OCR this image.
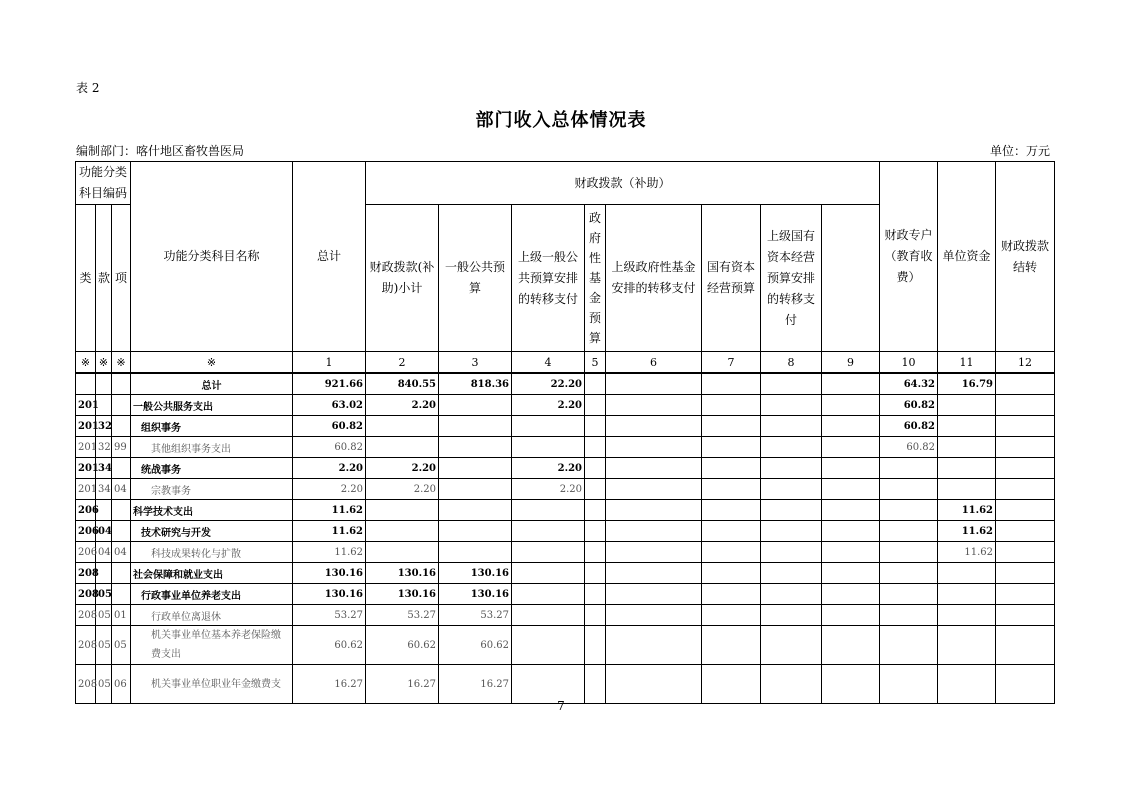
表 2
部门收入总体情况表
编制部门：喀什地区畜牧兽医局	单位：万元
功能分类科目编码			功能分类科目名称	总计	财政拨款（补助）								财政专户（教育收费）	单位资金	财政拨款结转	
类	款	项			财政拨款(补助)小计	一般公共预算	上级一般公共预算安排的转移支付	政府性基金预算	上级政府性基金安排的转移支付	国有资本经营预算	上级国有资本经营预算安排的转移支付					
※	※	※	※	1	2	3	4	5	6	7	8	9	10	11	12	
			总计	921.66	840.55	818.36	22.20						64.32	16.79		
201			一般公共服务支出	63.02	2.20		2.20						60.82			
201	32		组织事务	60.82									60.82			
201	32	99	其他组织事务支出	60.82									60.82			
201	34		统战事务	2.20	2.20		2.20									
201	34	04	宗教事务	2.20	2.20		2.20									
206			科学技术支出	11.62										11.62		
206	04		技术研究与开发	11.62										11.62		
206	04	04	科技成果转化与扩散	11.62										11.62		
208			社会保障和就业支出	130.16	130.16	130.16										
208	05		行政事业单位养老支出	130.16	130.16	130.16										
208	05	01	行政单位离退休	53.27	53.27	53.27										
208	05	05	机关事业单位基本养老保险缴费支出	60.62	60.62	60.62										
208	05	06	机关事业单位职业年金缴费支	16.27	16.27	16.27										
7
